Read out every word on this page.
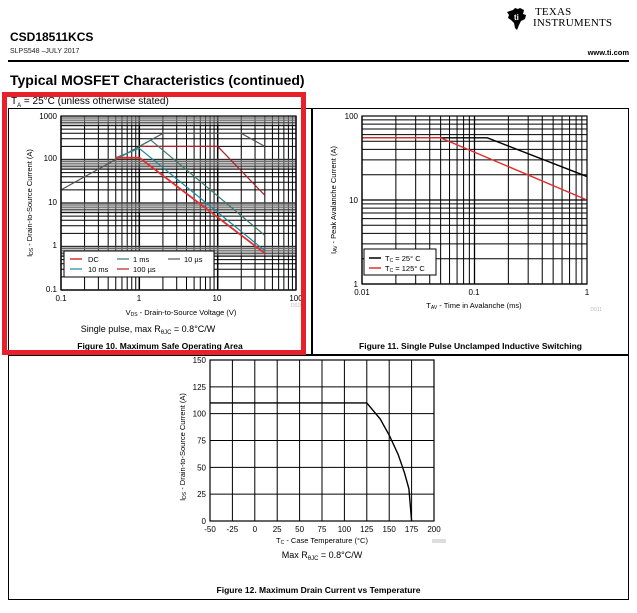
ti TEXAS
INSTRUMENTS
CSD18511KCS
SLPS548 –JULY 2017	www.ti.com
Typical MOSFET Characteristics (continued)
1000
100
10
1
0.1
0.1	1	10	100
VDS - Drain-to-Source Voltage (V)
IDS - Drain-to-Source Current (A)
Single pulse, $\max R_{\theta JC} = 0.8^\circ C/W$
D010
DC	1 ms	10 µs
10 ms	100 µs
Figure 10. Maximum Safe Operating Area
100
10
1
0.01	0.1	1
TAV - Time in Avalanche (ms)
IAV - Peak Avalanche Current (A)
D011
TC = 25° C
TC = 125° C
Figure 11. Single Pulse Unclamped Inductive Switching
0
25
50
75
100
125
150
-50 -25 0 25 50 75 100 125 150 175 200
TC - Case Temperature (°C)
IDS - Drain-to-Source Current (A)
Max $R_{\theta JC} = 0.8^\circ C/W$
Figure 12. Maximum Drain Current vs Temperature
$T_A = 25^\circ C$ (unless otherwise stated)
